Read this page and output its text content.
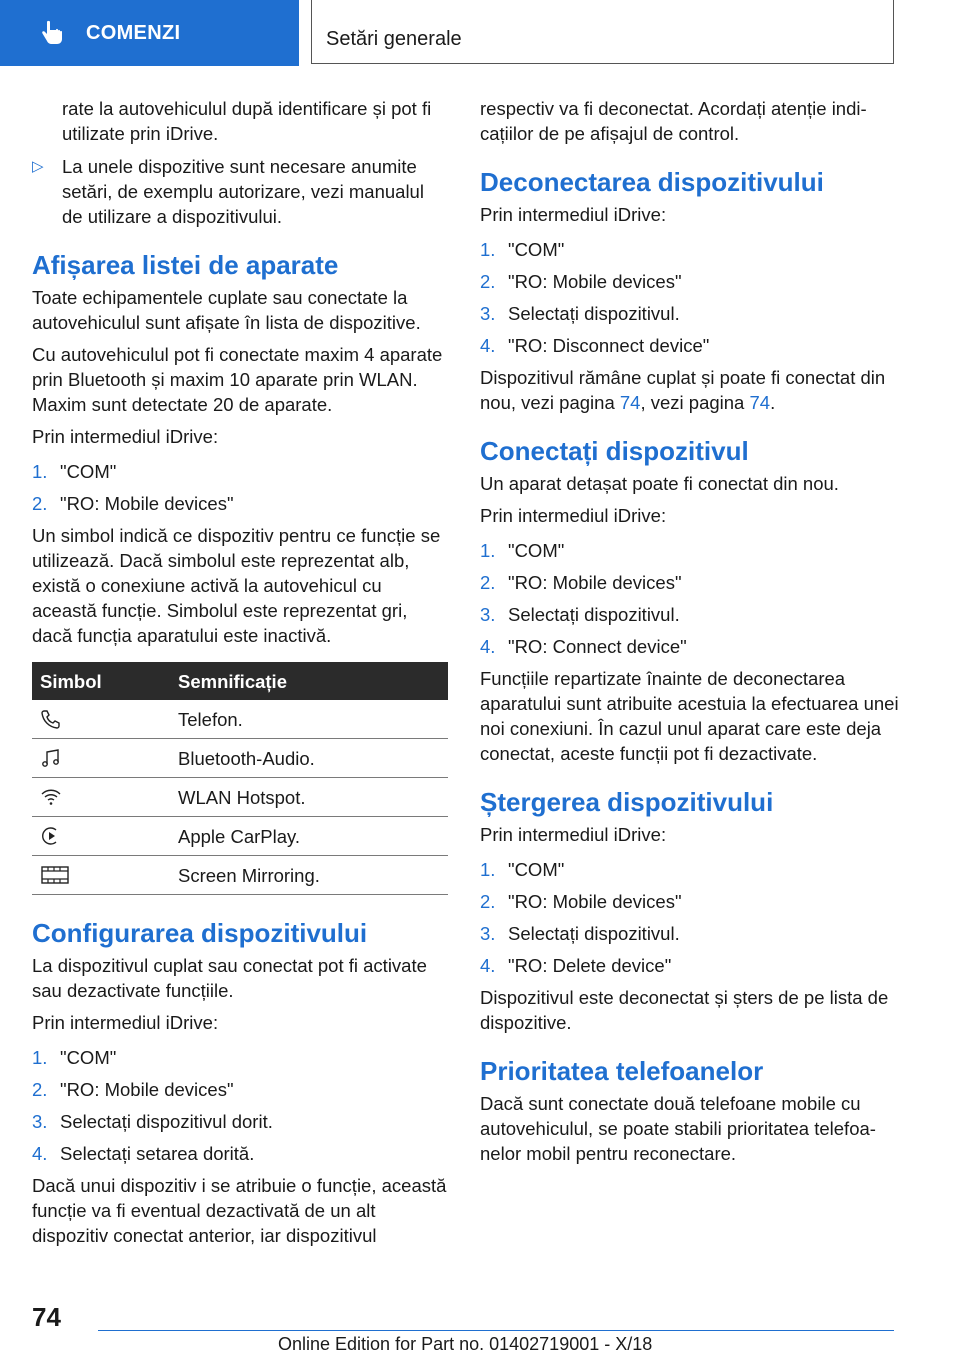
COMENZI	Setări generale

rate la autovehiculul după identificare și pot fi utilizate prin iDrive.

▷ La unele dispozitive sunt necesare anumite setări, de exemplu autorizare, vezi manualul de utilizare a dispozitivului.
Afișarea listei de aparate

Toate echipamentele cuplate sau conectate la autovehiculul sunt afișate în lista de dispozitive.

Cu autovehiculul pot fi conectate maxim 4 aparate prin Bluetooth și maxim 10 aparate prin WLAN. Maxim sunt detectate 20 de aparate.

Prin intermediul iDrive:

1. "COM"
2. "RO: Mobile devices"

Un simbol indică ce dispozitiv pentru ce funcție se utilizează. Dacă simbolul este reprezentat alb, există o conexiune activă la autovehicul cu această funcție. Simbolul este reprezentat gri, dacă funcția aparatului este inactivă.

Simbol	Semnificație

	Telefon.

	Bluetooth-Audio.

	WLAN Hotspot.

	Apple CarPlay.

	Screen Mirroring.
Configurarea dispozitivului

La dispozitivul cuplat sau conectat pot fi activate sau dezactivate funcțiile.

Prin intermediul iDrive:

1. "COM"
2. "RO: Mobile devices"
3. Selectați dispozitivul dorit.
4. Selectați setarea dorită.

Dacă unui dispozitiv i se atribuie o funcție, această funcție va fi eventual dezactivată de un alt dispozitiv conectat anterior, iar dispozitivul

respectiv va fi deconectat. Acordați atenție indicațiilor de pe afișajul de control.

Deconectarea dispozitivului

Prin intermediul iDrive:

1. "COM"
2. "RO: Mobile devices"
3. Selectați dispozitivul.
4. "RO: Disconnect device"

Dispozitivul rămâne cuplat și poate fi conectat din nou, vezi pagina 74, vezi pagina 74.

Conectați dispozitivul

Un aparat detașat poate fi conectat din nou.

Prin intermediul iDrive:

1. "COM"
2. "RO: Mobile devices"
3. Selectați dispozitivul.
4. "RO: Connect device"

Funcțiile repartizate înainte de deconectarea aparatului sunt atribuite acestuia la efectuarea unei noi conexiuni. În cazul unul aparat care este deja conectat, aceste funcții pot fi dezactivate.

Ștergerea dispozitivului

Prin intermediul iDrive:

1. "COM"
2. "RO: Mobile devices"
3. Selectați dispozitivul.
4. "RO: Delete device"

Dispozitivul este deconectat și șters de pe lista de dispozitive.

Prioritatea telefoanelor

Dacă sunt conectate două telefoane mobile cu autovehiculul, se poate stabili prioritatea telefoanelor mobil pentru reconectare.

74
Online Edition for Part no. 01402719001 - X/18
